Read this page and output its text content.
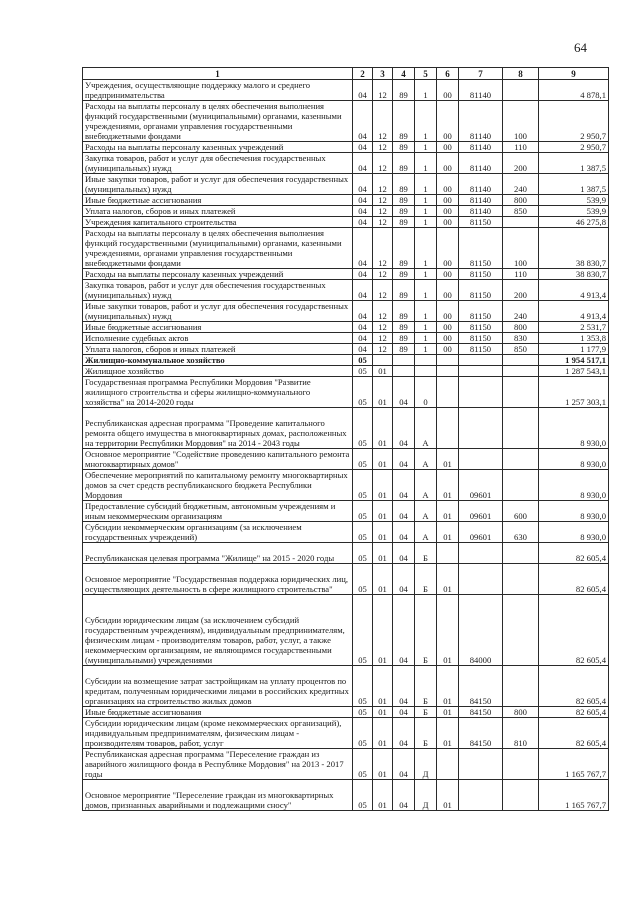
64
1	2	3	4	5	6	7	8	9
Учреждения, осуществляющие поддержку малого и среднего предпринимательства	04	12	89	1	00	81140		4 878,1
Расходы на выплаты персоналу в целях обеспечения выполнения функций государственными (муниципальными) органами, казенными учреждениями, органами управления государственными внебюджетными фондами	04	12	89	1	00	81140	100	2 950,7
Расходы на выплаты персоналу казенных учреждений	04	12	89	1	00	81140	110	2 950,7
Закупка товаров, работ и услуг для обеспечения государственных (муниципальных) нужд	04	12	89	1	00	81140	200	1 387,5
Иные закупки товаров, работ и услуг для обеспечения государственных (муниципальных) нужд	04	12	89	1	00	81140	240	1 387,5
Иные бюджетные ассигнования	04	12	89	1	00	81140	800	539,9
Уплата налогов, сборов и иных платежей	04	12	89	1	00	81140	850	539,9
Учреждения капитального строительства	04	12	89	1	00	81150		46 275,8
Расходы на выплаты персоналу в целях обеспечения выполнения функций государственными (муниципальными) органами, казенными учреждениями, органами управления государственными внебюджетными фондами	04	12	89	1	00	81150	100	38 830,7
Расходы на выплаты персоналу казенных учреждений	04	12	89	1	00	81150	110	38 830,7
Закупка товаров, работ и услуг для обеспечения государственных (муниципальных) нужд	04	12	89	1	00	81150	200	4 913,4
Иные закупки товаров, работ и услуг для обеспечения государственных (муниципальных) нужд	04	12	89	1	00	81150	240	4 913,4
Иные бюджетные ассигнования	04	12	89	1	00	81150	800	2 531,7
Исполнение судебных актов	04	12	89	1	00	81150	830	1 353,8
Уплата налогов, сборов и иных платежей	04	12	89	1	00	81150	850	1 177,9
Жилищно-коммунальное хозяйство	05							1 954 517,1
Жилищное хозяйство	05	01						1 287 543,1
Государственная программа Республики Мордовия "Развитие жилищного строительства и сферы жилищно-коммунального хозяйства" на 2014-2020 годы	05	01	04	0				1 257 303,1
Республиканская адресная программа "Проведение капитального ремонта общего имущества в многоквартирных домах, расположенных на территории Республики Мордовия" на 2014 - 2043 годы	05	01	04	А				8 930,0
Основное мероприятие "Содействие проведению капитального ремонта многоквартирных домов"	05	01	04	А	01			8 930,0
Обеспечение мероприятий по капитальному ремонту многоквартирных домов за счет средств республиканского бюджета Республики Мордовия	05	01	04	А	01	09601		8 930,0
Предоставление субсидий бюджетным, автономным учреждениям и иным некоммерческим организациям	05	01	04	А	01	09601	600	8 930,0
Субсидии некоммерческим организациям (за исключением государственных учреждений)	05	01	04	А	01	09601	630	8 930,0
Республиканская целевая программа "Жилище" на 2015 - 2020 годы	05	01	04	Б				82 605,4
Основное мероприятие "Государственная поддержка юридических лиц, осуществляющих деятельность в сфере жилищного строительства"	05	01	04	Б	01			82 605,4
Субсидии юридическим лицам (за исключением субсидий государственным учреждениям), индивидуальным предпринимателям, физическим лицам - производителям товаров, работ, услуг, а также некоммерческим организациям, не являющимся государственными (муниципальными) учреждениями	05	01	04	Б	01	84000		82 605,4
Субсидии на возмещение затрат застройщикам на уплату процентов по кредитам, полученным юридическими лицами в российских кредитных организациях на строительство жилых домов	05	01	04	Б	01	84150		82 605,4
Иные бюджетные ассигнования	05	01	04	Б	01	84150	800	82 605,4
Субсидии юридическим лицам (кроме некоммерческих организаций), индивидуальным предпринимателям, физическим лицам - производителям товаров, работ, услуг	05	01	04	Б	01	84150	810	82 605,4
Республиканская адресная программа "Переселение граждан из аварийного жилищного фонда в Республике Мордовия" на 2013 - 2017 годы	05	01	04	Д				1 165 767,7
Основное мероприятие "Переселение граждан из многоквартирных домов, признанных аварийными и подлежащими сносу"	05	01	04	Д	01			1 165 767,7
